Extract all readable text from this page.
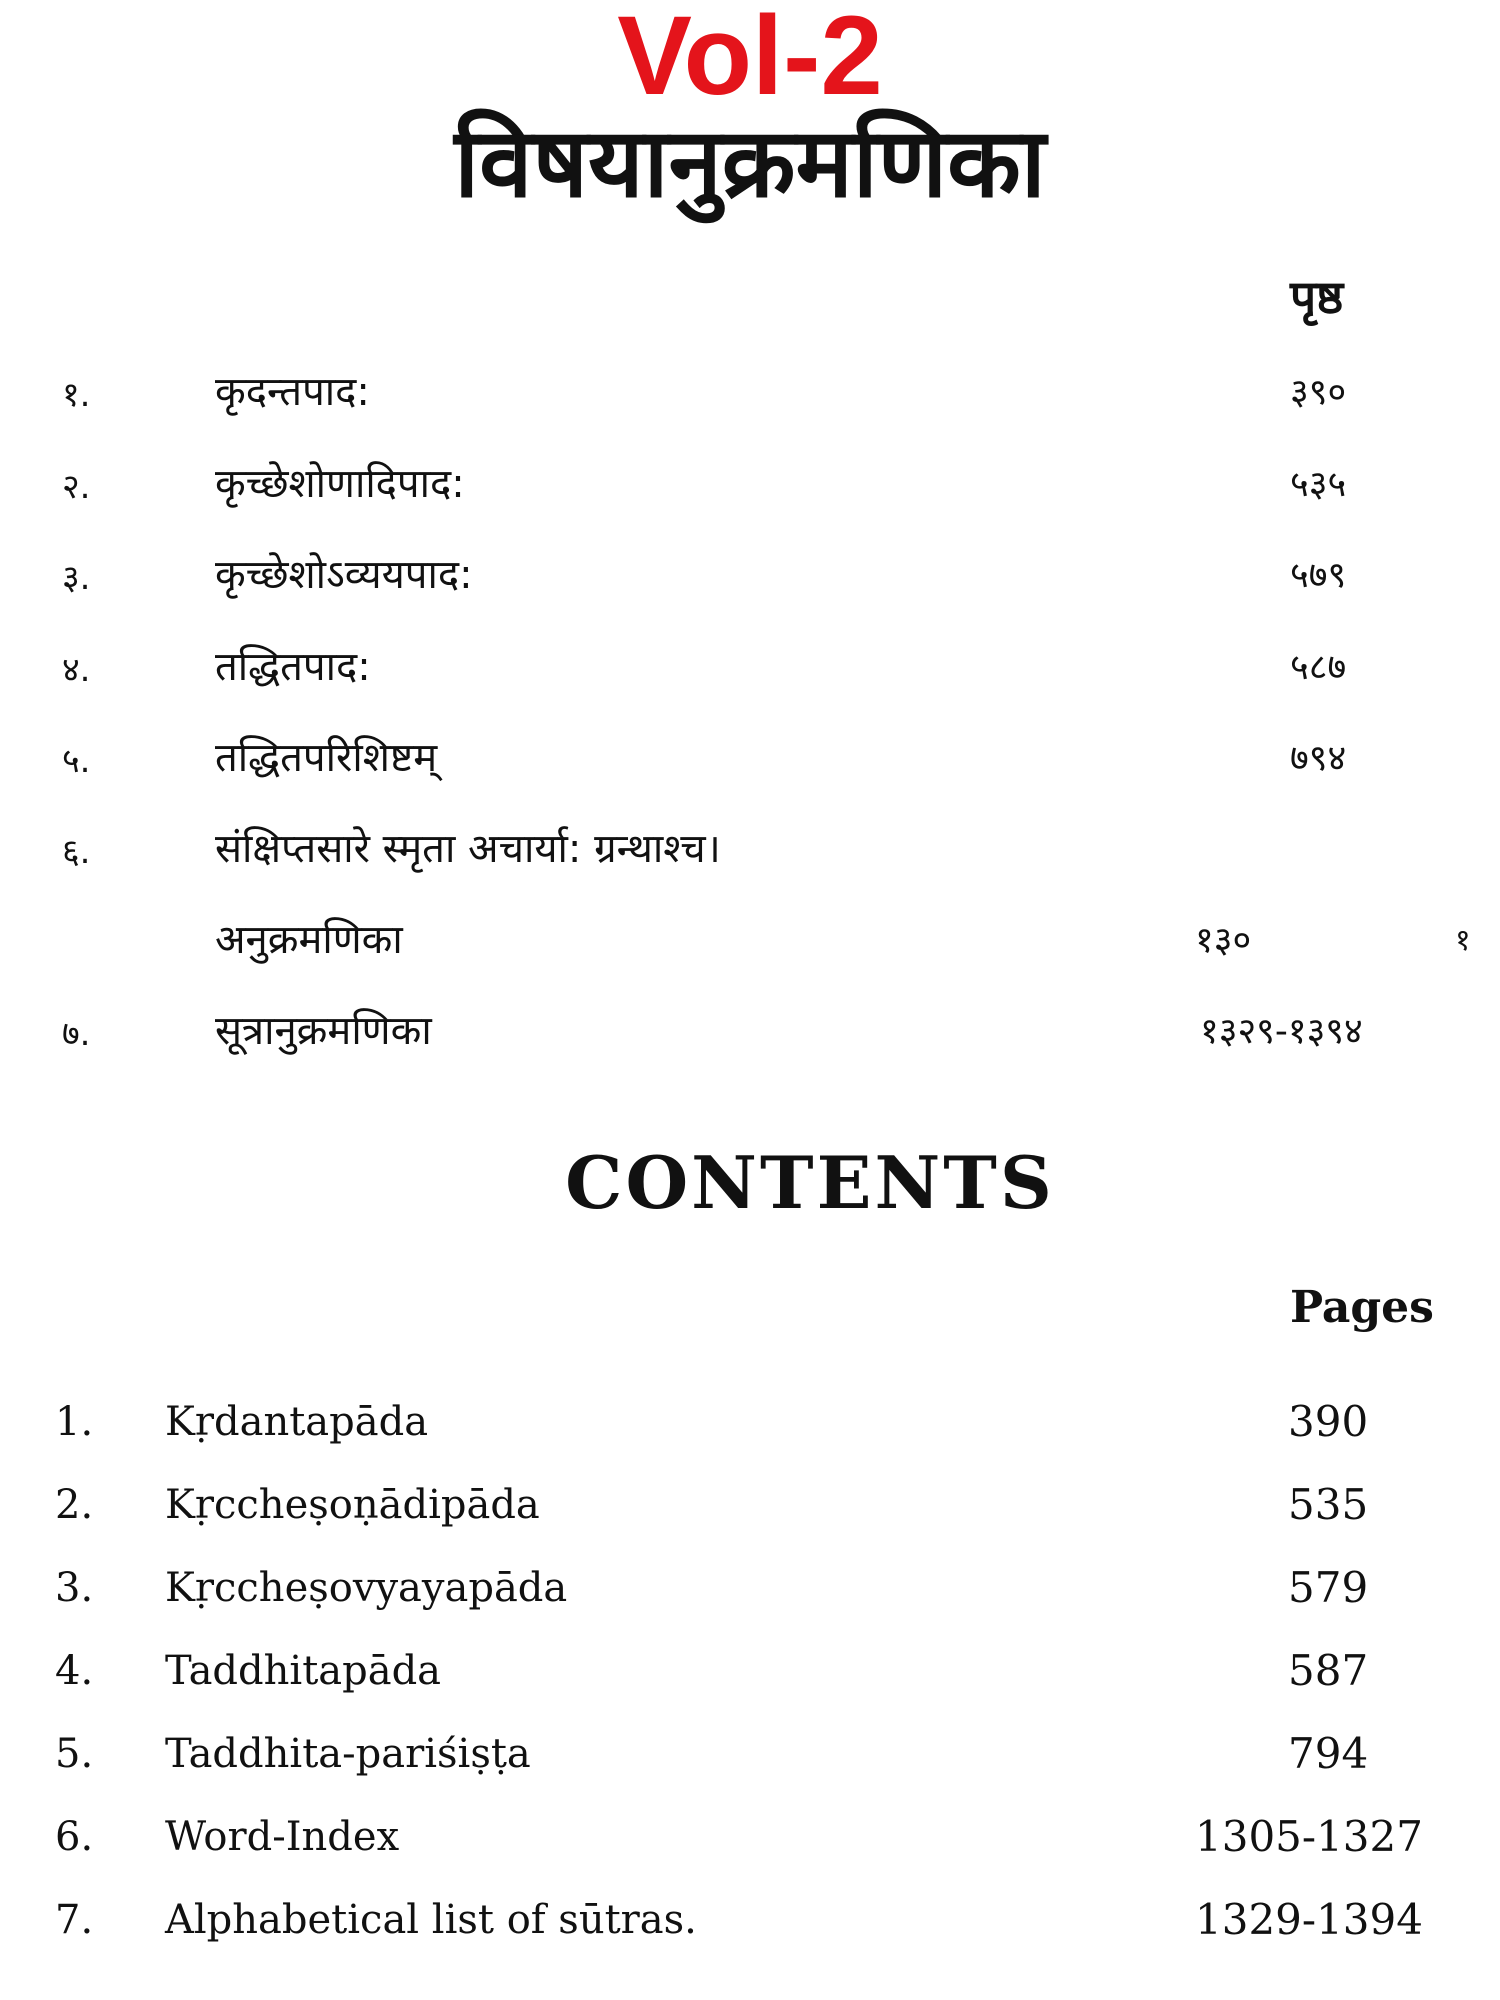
Vol-2
विषयानुक्रमणिका
पृष्ठ
१.	कृदन्तपाद:	३९०
२.	कृच्छेशोणादिपाद:	५३५
३.	कृच्छेशोऽव्ययपाद:	५७९
४.	तद्धितपाद:	५८७
५.	तद्धितपरिशिष्टम्	७९४
६.	संक्षिप्तसारे स्मृता अचार्या: ग्रन्थाश्च।
अनुक्रमणिका	१३०	१
७.	सूत्रानुक्रमणिका	१३२९-१३९४
CONTENTS
Pages
1. Kṛdantapāda	390
2. Kṛccheṣoṇādipāda	535
3. Kṛccheṣovyayapāda	579
4. Taddhitapāda	587
5. Taddhita-pariśiṣṭa	794
6. Word-Index	1305-1327
7. Alphabetical list of sūtras.	1329-1394
